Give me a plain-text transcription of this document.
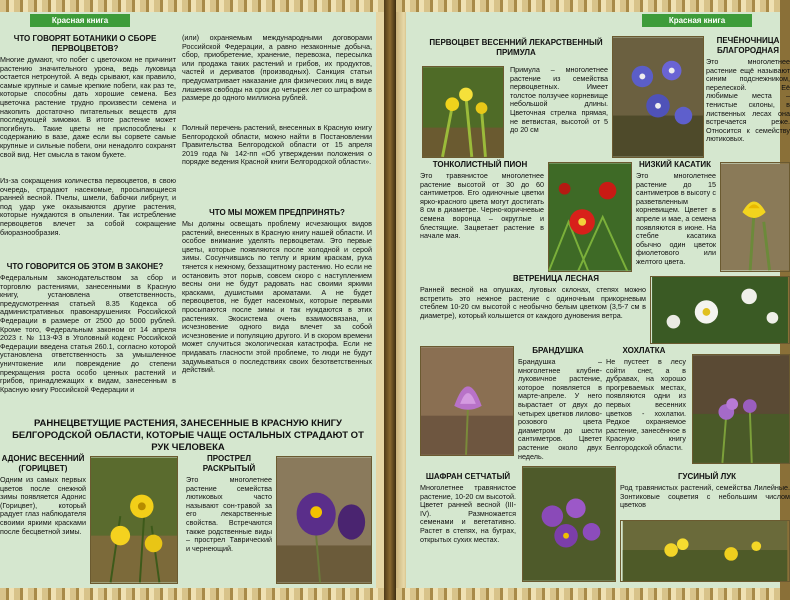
Красная книга
ЧТО ГОВОРЯТ БОТАНИКИ О СБОРЕ ПЕРВОЦВЕТОВ?
Многие думают, что побег с цветочком не причинит растению значительного урона, ведь луковица остается нетронутой. А ведь срывают, как правило, самые крупные и самые крепкие побеги, как раз те, которые способны дать хорошие семена. Без цветочка растение трудно произвести семена и накопить достаточно питательных веществ для последующей зимовки. В итоге растение может погибнуть. Такие цветы не приспособлены к содержанию в вазе, даже если вы сорвете самые крупные и сильные побеги, они ненадолго сохранят свой вид. Нет смысла в таком букете.
Из-за сокращения количества первоцветов, в свою очередь, страдают насекомые, просыпающиеся ранней весной. Пчелы, шмели, бабочки либрнут, и под удар уже оказываются другие растения, которые нуждаются в опылении. Так истребление первоцветов влечет за собой сокращение биоразнообразия.
ЧТО ГОВОРИТСЯ ОБ ЭТОМ В ЗАКОНЕ?
Федеральным законодательством за сбор и торговлю растениями, занесенными в Красную книгу, установлена ответственность, предусмотренная статьей 8.35 Кодекса об административных правонарушениях Российской Федерации в размере от 2500 до 5000 рублей. Кроме того, Федеральным законом от 14 апреля 2023 г. № 113-ФЗ в Уголовный кодекс Российской Федерации введена статья 260.1, согласно которой установлена ответственность за умышленное уничтожение или повреждение до степени прекращения роста особо ценных растений и грибов, принадлежащих к видам, занесенным в Красную книгу Российской Федерации и
(или) охраняемым международными договорами Российской Федерации, а равно незаконные добыча, сбор, приобретение, хранение, перевозка, пересылка или продажа таких растений и грибов, их продуктов, частей и дериватов (производных). Санкция статьи предусматривает наказание для физических лиц в виде лишения свободы на срок до четырех лет со штрафом в размере до одного миллиона рублей.
Полный перечень растений, внесенных в Красную книгу Белгородской области, можно найти в Постановлении Правительства Белгородской области от 15 апреля 2019 года № 142-пп «Об утверждении положения о порядке ведения Красной книги Белгородской области».
ЧТО МЫ МОЖЕМ ПРЕДПРИНЯТЬ?
Мы должны освещать проблему исчезающих видов растений, внесенных в Красную книгу нашей области. И особое внимание уделять первоцветам. Это первые цветы, которые появляются после холодной и серой зимы. Сосунчившись по теплу и ярким краскам, рука тянется к нежному, беззащитному растению. Но если не остановить этот порыв, совсем скоро с наступлением весны они не будут радовать нас своими яркими красками, душистыми ароматами. А не будет первоцветов, не будет насекомых, которые первыми просыпаются после зимы и так нуждаются в этих растениях. Экосистема очень взаимосвязана, и исчезновение одного вида влечет за собой исчезновение и популяцию другого. И в скором времени может случиться экологическая катастрофа. Если не придавать гласности этой проблеме, то люди не будут задумываться о последствиях своих безответственных действий.
РАННЕЦВЕТУЩИЕ РАСТЕНИЯ, ЗАНЕСЕННЫЕ В КРАСНУЮ КНИГУ БЕЛГОРОДСКОЙ ОБЛАСТИ, КОТОРЫЕ ЧАЩЕ ОСТАЛЬНЫХ СТРАДАЮТ ОТ РУК ЧЕЛОВЕКА
АДОНИС ВЕСЕННИЙ (ГОРИЦВЕТ)
Одним из самых первых цветов после снежной зимы появляется Адонис (Горицвет), который радует глаз наблюдателя своими яркими красками после бесцветной зимы.
ПРОСТРЕЛ РАСКРЫТЫЙ
Это многолетнее растение семейства лютиковых часто называют сон-травой за его лекарственные свойства. Встречаются также родственные виды – прострел Таврический и чернеющий.
Красная книга
ПЕРВОЦВЕТ ВЕСЕННИЙ ЛЕКАРСТВЕННЫЙ ПРИМУЛА
Примула – многолетнее растение из семейства первоцветных. Имеет толстое ползучее корневище небольшой длины. Цветочная стрелка прямая, не ветвистая, высотой от 5 до 20 см
ПЕЧЁНОЧНИЦА БЛАГОРОДНАЯ
Это многолетнее растение ещё называют синим подснежником, перелеской. Её любимые места – тенистые склоны, в лиственных лесах она встречается реже. Относится к семейству лютиковых.
ТОНКОЛИСТНЫЙ ПИОН
Это травянистое многолетнее растение высотой от 30 до 60 сантиметров. Его одиночные цветки ярко-красного цвета могут достигать 8 см в диаметре. Черно-коричневые семена воронца – округлые и блестящие. Зацветает растение в начале мая.
НИЗКИЙ КАСАТИК
Это многолетнее растение до 15 сантиметров в высоту с разветвленным корневищем. Цветет в апреле и мае, а семена появляются в июне. На стебле касатика обычно один цветок фиолетового или желтого цвета.
ВЕТРЕНИЦА ЛЕСНАЯ
Ранней весной на опушках, луговых склонах, степях можно встретить это нежное растение с одиночным прикорневым стеблем 10-20 см высотой с необычно белым цветком (3,5-7 см в диаметре), который колышется от каждого дуновения ветра.
БРАНДУШКА
Брандушка – многолетнее клубне-луковичное растение, которое появляется в марте-апреле. У него вырастает от двух до четырех цветков лилово-розового цвета диаметром до шести сантиметров. Цветет растение около двух недель.
ХОХЛАТКА
Не пустеет в лесу сойти снег, а в дубравах, на хорошо прогреваемых местах, появляются одни из первых весенних цветков - хохлатки. Редкое охраняемое растение, занесённое в Красную книгу Белгородской области.
ШАФРАН СЕТЧАТЫЙ
Многолетнее травянистое растение, 10-20 см высотой. Цветет ранней весной (III-IV). Размножается семенами и вегетативно. Растет в степях, на буграх, открытых сухих местах.
ГУСИНЫЙ ЛУК
Род травянистых растений, семейства Лилейные. Зонтиковые соцветия с небольшим числом цветков
